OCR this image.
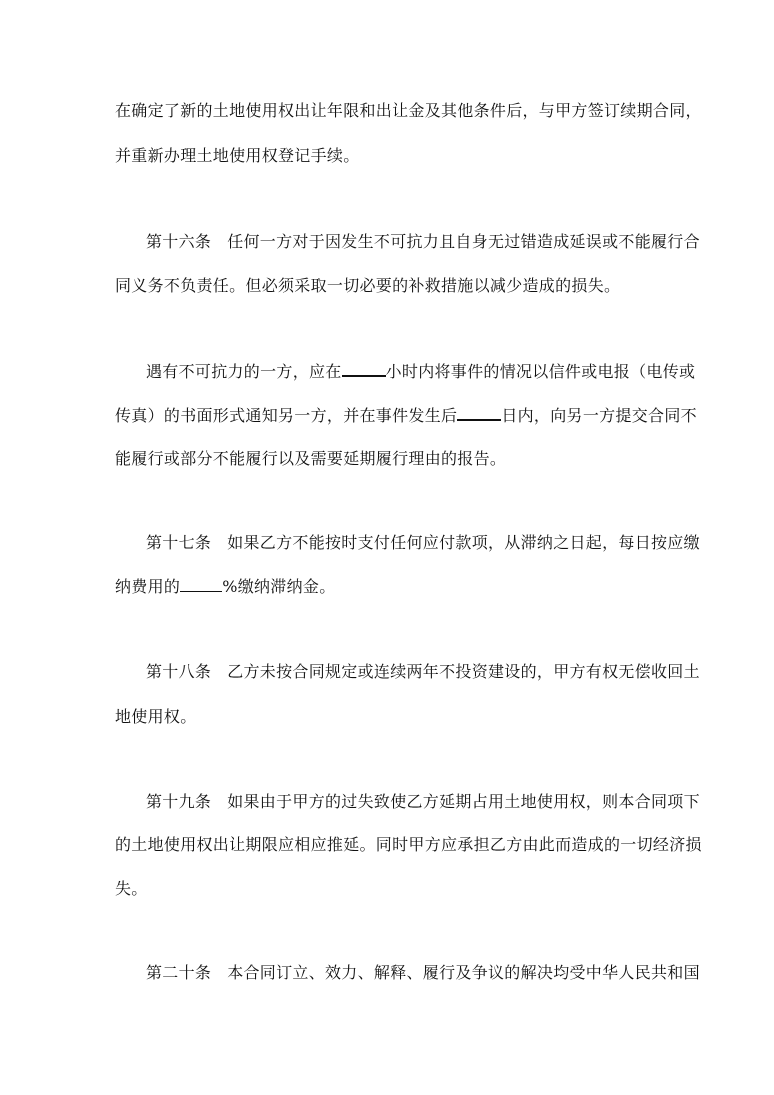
在确定了新的土地使用权出让年限和出让金及其他条件后，与甲方签订续期合同，
并重新办理土地使用权登记手续。
第十六条 任何一方对于因发生不可抗力且自身无过错造成延误或不能履行合
同义务不负责任。但必须采取一切必要的补救措施以减少造成的损失。
遇有不可抗力的一方，应在	小时内将事件的情况以信件或电报（电传或
传真）的书面形式通知另一方，并在事件发生后	日内，向另一方提交合同不
能履行或部分不能履行以及需要延期履行理由的报告。
第十七条 如果乙方不能按时支付任何应付款项，从滞纳之日起，每日按应缴
纳费用的	%缴纳滞纳金。
第十八条 乙方未按合同规定或连续两年不投资建设的，甲方有权无偿收回土
地使用权。
第十九条 如果由于甲方的过失致使乙方延期占用土地使用权，则本合同项下
的土地使用权出让期限应相应推延。同时甲方应承担乙方由此而造成的一切经济损
失。
第二十条 本合同订立、效力、解释、履行及争议的解决均受中华人民共和国
